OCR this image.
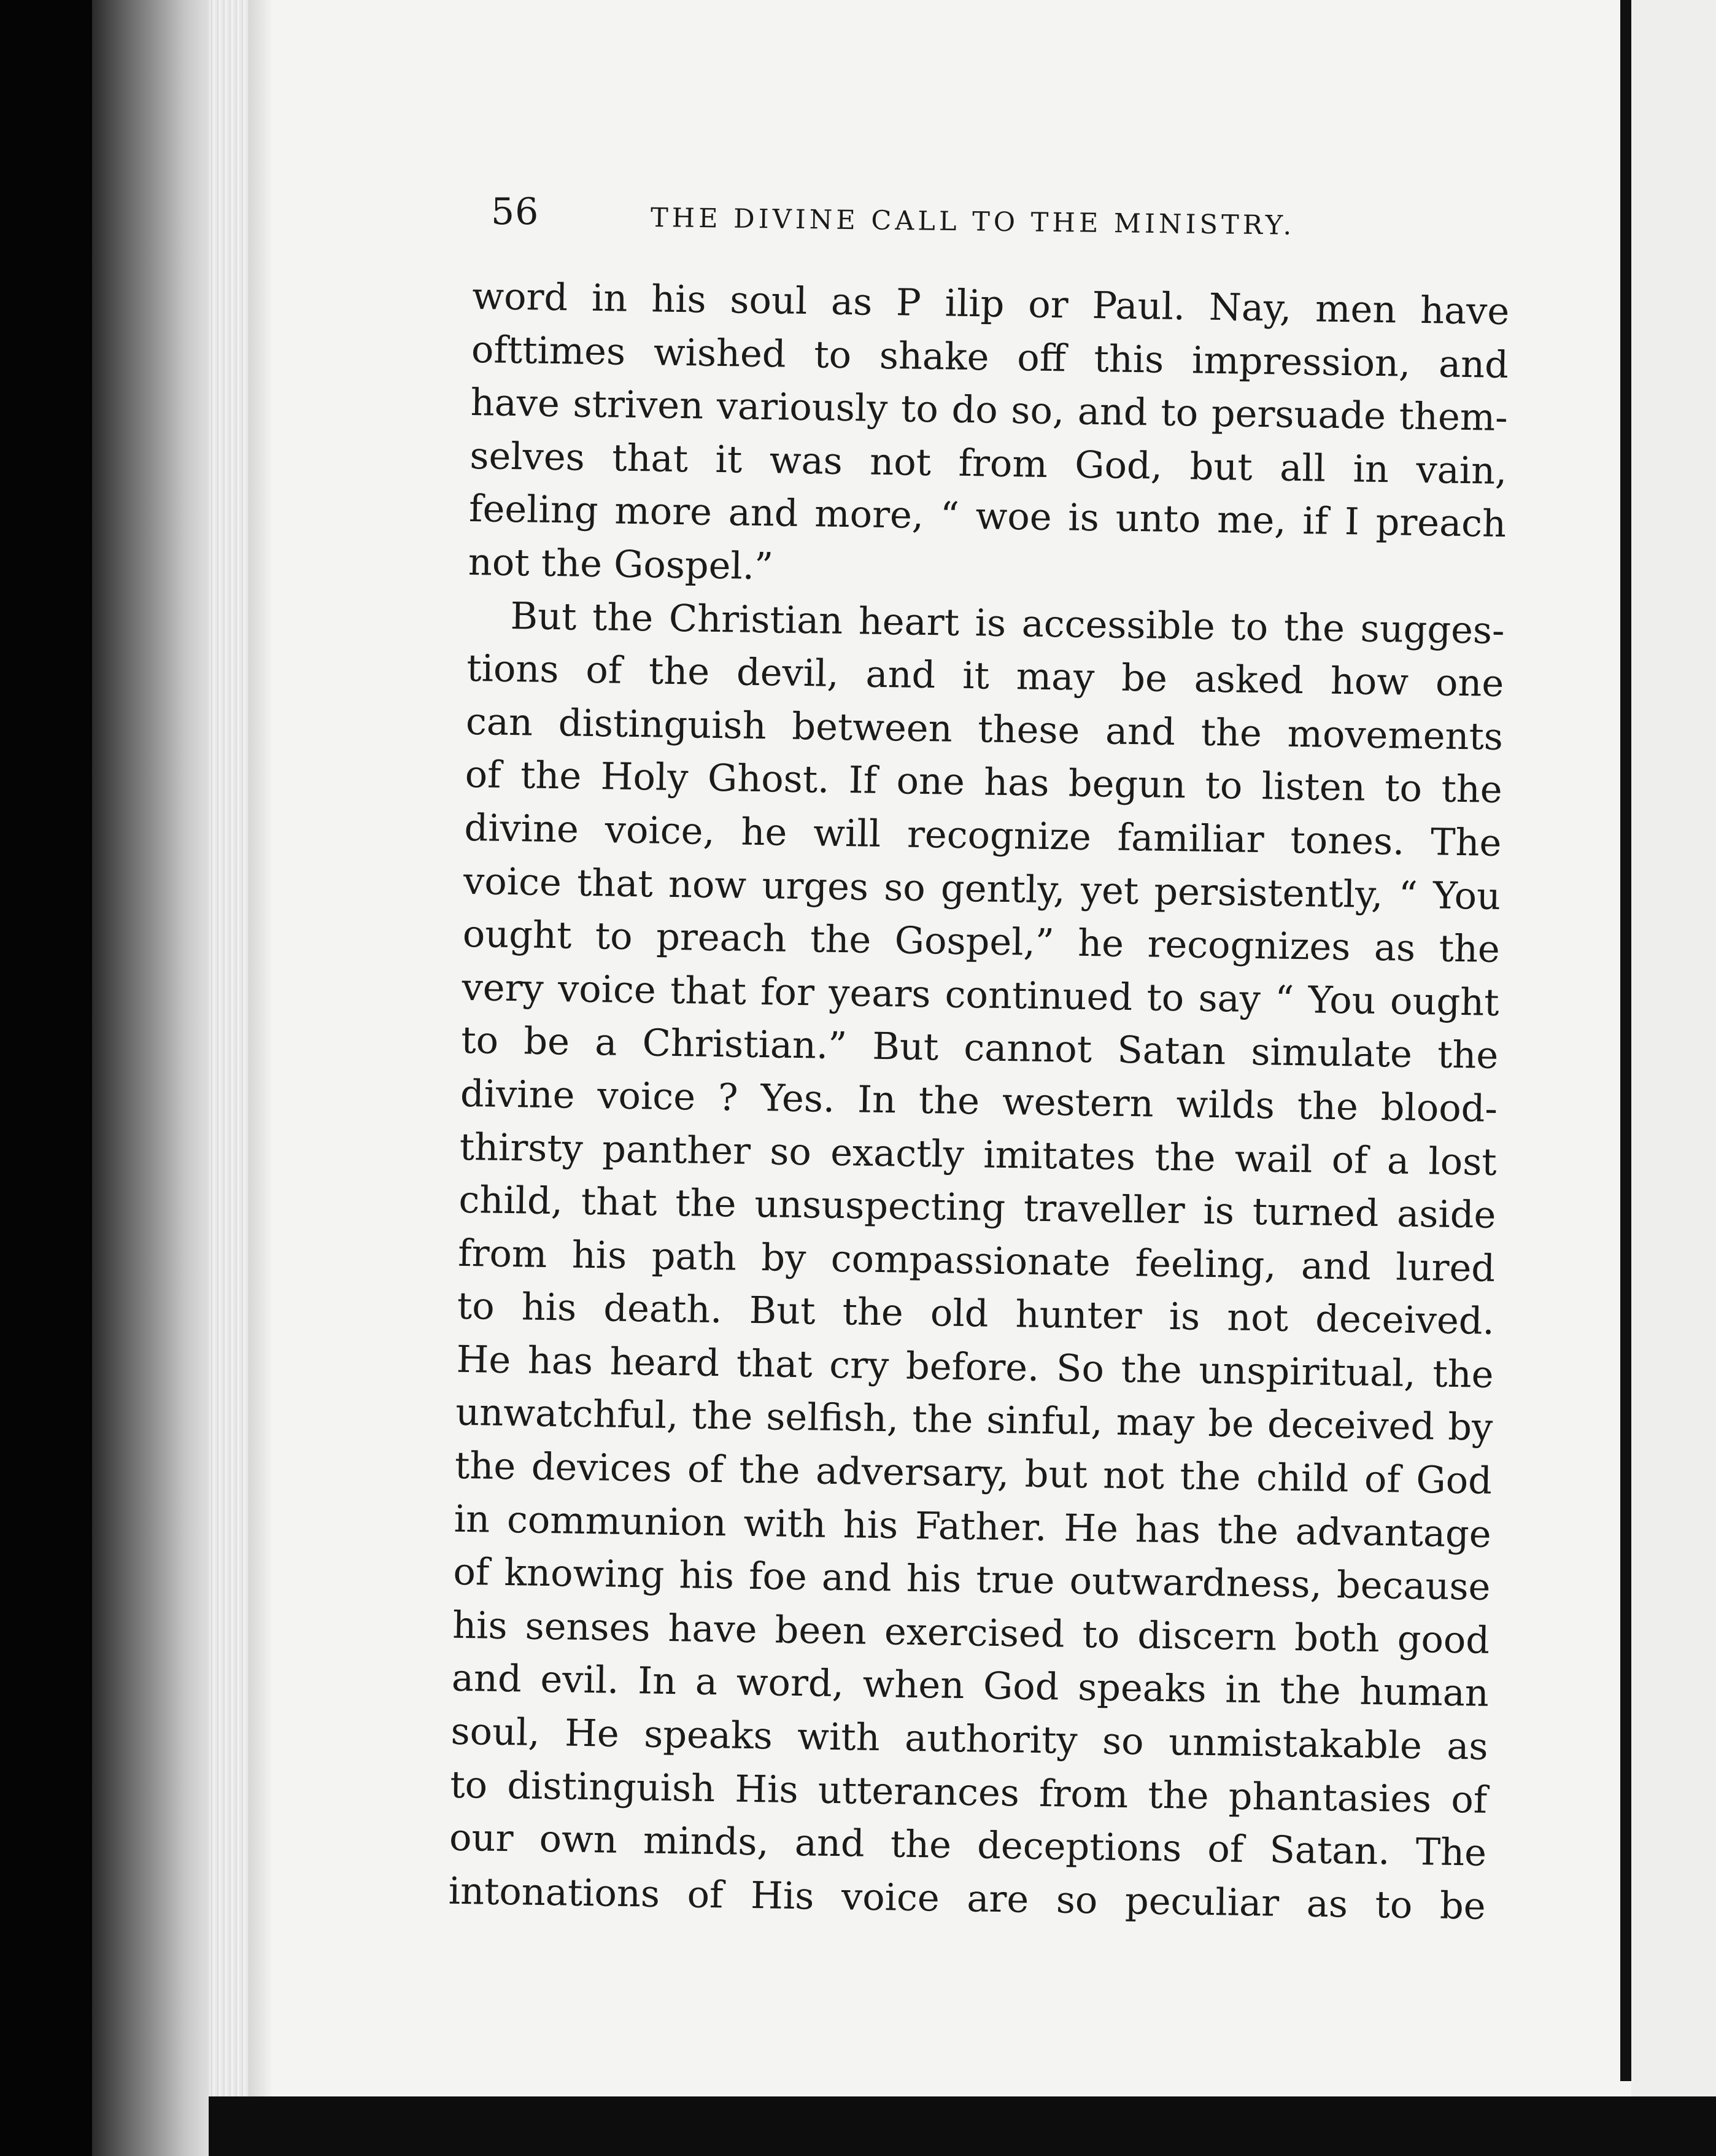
56	THE DIVINE CALL TO THE MINISTRY.
word in his soul as P ilip or Paul. Nay, men have
ofttimes wished to shake off this impression, and
have striven variously to do so, and to persuade them-
selves that it was not from God, but all in vain,
feeling more and more, “ woe is unto me, if I preach
not the Gospel.”
But the Christian heart is accessible to the sugges-
tions of the devil, and it may be asked how one
can distinguish between these and the movements
of the Holy Ghost. If one has begun to listen to the
divine voice, he will recognize familiar tones. The
voice that now urges so gently, yet persistently, “ You
ought to preach the Gospel,” he recognizes as the
very voice that for years continued to say “ You ought
to be a Christian.” But cannot Satan simulate the
divine voice ? Yes. In the western wilds the blood-
thirsty panther so exactly imitates the wail of a lost
child, that the unsuspecting traveller is turned aside
from his path by compassionate feeling, and lured
to his death. But the old hunter is not deceived.
He has heard that cry before. So the unspiritual, the
unwatchful, the selfish, the sinful, may be deceived by
the devices of the adversary, but not the child of God
in communion with his Father. He has the advantage
of knowing his foe and his true outwardness, because
his senses have been exercised to discern both good
and evil. In a word, when God speaks in the human
soul, He speaks with authority so unmistakable as
to distinguish His utterances from the phantasies of
our own minds, and the deceptions of Satan. The
intonations of His voice are so peculiar as to be
